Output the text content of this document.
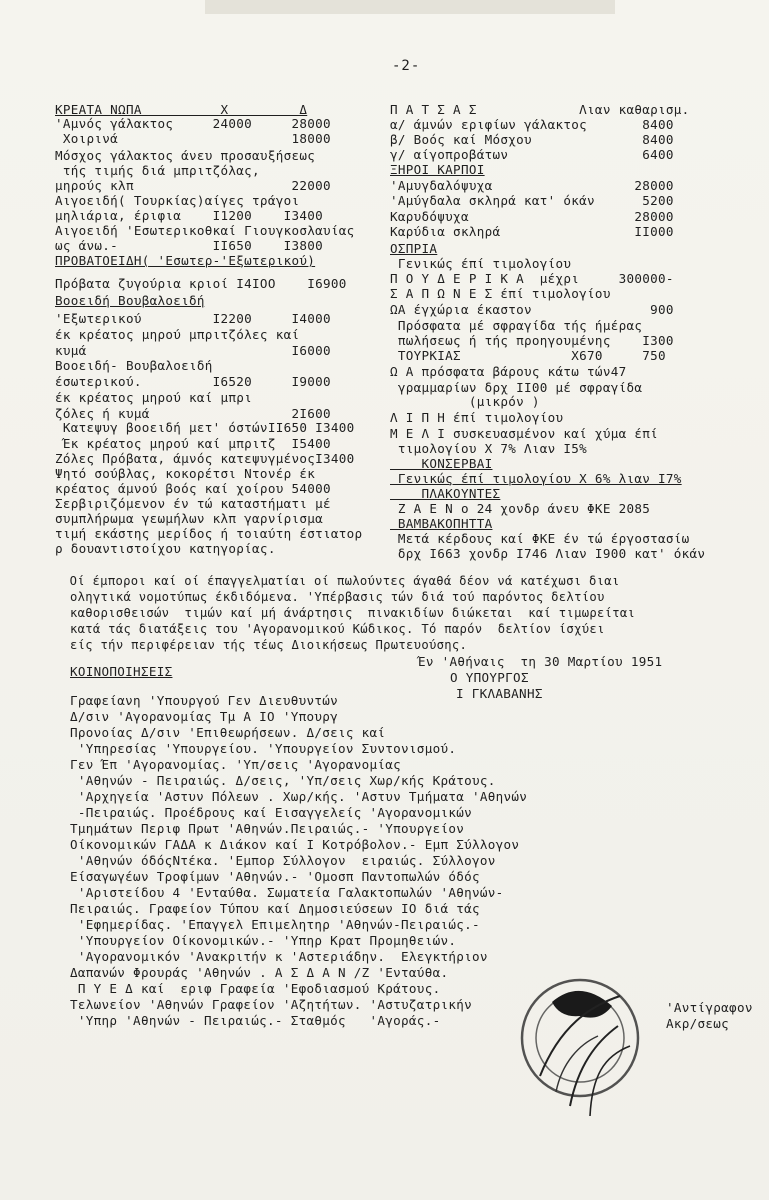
-2-
ΚΡΕΑΤΑ ΝΩΠΑ          Χ         Δ
'Αμνός γάλακτος     24000     28000
Χοιρινά                      18000
Μόσχος γάλακτος άνευ προσαυξήσεως
τής τιμής διά μπριτζόλας,
μηρούς κλπ                    22000
Αιγοειδή( Τουρκίας)αίγες τράγοι
μηλιάρια, έριφια    Ι1200    Ι3400
Αιγοειδή 'Εσωτερικοθκαί Γιουγκοσλαυίας
ως άνω.-            ΙΙ650    Ι3800
ΠΡΟΒΑΤΟΕΙΔΗ( 'Εσωτερ-'Εξωτερικού)
Πρόβατα ζυγούρια κριοί Ι4ΙΟΟ    Ι6900
Βοοειδή Βουβαλοειδή
'Εξωτερικού         Ι2200     Ι4000
έκ κρέατος μηρού μπριτζόλες καί
κυμά                          Ι6000
Βοοειδή- Βουβαλοειδή
έσωτερικού.         Ι6520     Ι9000
έκ κρέατος μηρού καί μπρι
ζόλες ή κυμά                  2Ι600
Κατεψυγ βοοειδή μετ' όστώνΙΙ650 Ι3400
Έκ κρέατος μηρού καί μπριτζ  Ι5400
Ζόλες Πρόβατα, άμνός κατεψυγμένοςΙ3400
Ψητό σούβλας, κοκορέτσι Ντονέρ έκ
κρέατος άμνού βοός καί χοίρου 54000
Σερβιριζόμενον έν τώ καταστήματι μέ
συμπλήρωμα γεωμήλων κλπ γαρνίρισμα
τιμή εκάστης μερίδος ή τοιαύτη έστιατορ
ρ δουαντιστοίχου κατηγορίας.
Π Α Τ Σ Α Σ             Λιαν καθαρισμ.
α/ άμνών εριφίων γάλακτος       8400
β/ Βοός καί Μόσχου              8400
γ/ αίγοπροβάτων                 6400
ΞΗΡΟΙ ΚΑΡΠΟΙ
'Αμυγδαλόψυχα                  28000
'Αμύγδαλα σκληρά κατ' όκάν      5200
Καρυδόψυχα                     28000
Καρύδια σκληρά                 ΙΙ000
ΟΣΠΡΙΑ
Γενικώς έπί τιμολογίου
Π Ο Υ Δ Ε Ρ Ι Κ Α  μέχρι     300000-
Σ Α Π Ω Ν Ε Σ έπί τιμολογίου
ΩΑ έγχώρια έκαστον               900
Πρόσφατα μέ σφραγίδα τής ήμέρας
πωλήσεως ή τής προηγουμένης    Ι300
ΤΟΥΡΚΙΑΣ              Χ670     750
Ω Α πρόσφατα βάρους κάτω τών47
γραμμαρίων δρχ ΙΙ00 μέ σφραγίδα
(μικρόν )
Λ Ι Π Η έπί τιμολογίου
Μ Ε Λ Ι συσκευασμένον καί χύμα έπί
τιμολογίου Χ 7% Λιαν Ι5%
ΚΟΝΣΕΡΒΑΙ
Γενικώς έπί τιμολογίου Χ 6% λιαν Ι7%
ΠΛΑΚΟΥΝΤΕΣ
Ζ Α Ε Ν ο 24 χονδρ άνευ ΦΚΕ 2085
ΒΑΜΒΑΚΟΠΗΤΤΑ
Μετά κέρδους καί ΦΚΕ έν τώ έργοστασίω
δρχ Ι663 χονδρ Ι746 Λιαν Ι900 κατ' όκάν
Οί έμποροι καί οί έπαγγελματίαι οί πωλούντες άγαθά δέον νά κατέχωσι διαι
οληγτικά νομοτύπως έκδιδόμενα. 'Υπέρβασις τών διά τού παρόντος δελτίου
καθορισθεισών  τιμών καί μή άνάρτησις  πινακιδίων διώκεται  καί τιμωρείται
κατά τάς διατάξεις του 'Αγορανομικού Κώδικος. Τό παρόν  δελτίον ίσχύει
είς τήν περιφέρειαν τής τέως Διοικήσεως Πρωτευούσης.
Έν 'Αθήναις  τη 30 Μαρτίου 1951
Ο ΥΠΟΥΡΓΟΣ
Ι ΓΚΛΑΒΑΝΗΣ
ΚΟΙΝΟΠΟΙΗΣΕΙΣ
Γραφείανη 'Υπουργού Γεν Διευθυντών
Δ/σιν 'Αγορανομίας Τμ Α ΙΟ 'Υπουργ
Προνοίας Δ/σιν 'Επιθεωρήσεων. Δ/σεις καί
'Υπηρεσίας 'Υπουργείου. 'Υπουργείον Συντονισμού.
Γεν Έπ 'Αγορανομίας. 'Υπ/σεις 'Αγορανομίας
'Αθηνών - Πειραιώς. Δ/σεις, 'Υπ/σεις Χωρ/κής Κράτους.
'Αρχηγεία 'Αστυν Πόλεων . Χωρ/κής. 'Αστυν Τμήματα 'Αθηνών
-Πειραιώς. Προέδρους καί Εισαγγελείς 'Αγορανομικών
Τμημάτων Περιφ Πρωτ 'Αθηνών.Πειραιώς.- 'Υπουργείον
Οίκονομικών ΓΑΔΑ κ Διάκον καί Ι Κοτρόβολον.- Εμπ Σύλλογον
'Αθηνών όδόςΝτέκα. 'Εμπορ Σύλλογον  ειραιώς. Σύλλογον
Είσαγωγέων Τροφίμων 'Αθηνών.- 'Ομοσπ Παντοπωλών όδός
'Αριστείδου 4 'Ενταύθα. Σωματεία Γαλακτοπωλών 'Αθηνών-
Πειραιώς. Γραφείον Τύπου καί Δημοσιεύσεων ΙΟ διά τάς
'Εφημερίδας. 'Επαγγελ Επιμελητηρ 'Αθηνών-Πειραιώς.-
'Υπουργείον Οίκονομικών.- 'Υπηρ Κρατ Προμηθειών.
'Αγορανομικόν 'Ανακριτήν κ 'Αστεριάδην.  Ελεγκτήριον
Δαπανών Φρουράς 'Αθηνών . Α Σ Δ Α Ν /Ζ 'Ενταύθα.
Π Υ Ε Δ καί  εριφ Γραφεία 'Εφοδιασμού Κράτους.
Τελωνείον 'Αθηνών Γραφείον 'Αζητήτων. 'Αστυζατρικήν
'Υπηρ 'Αθηνών - Πειραιώς.- Σταθμός   'Αγοράς.-
'Αντίγραφον
Ακρ/σεως
